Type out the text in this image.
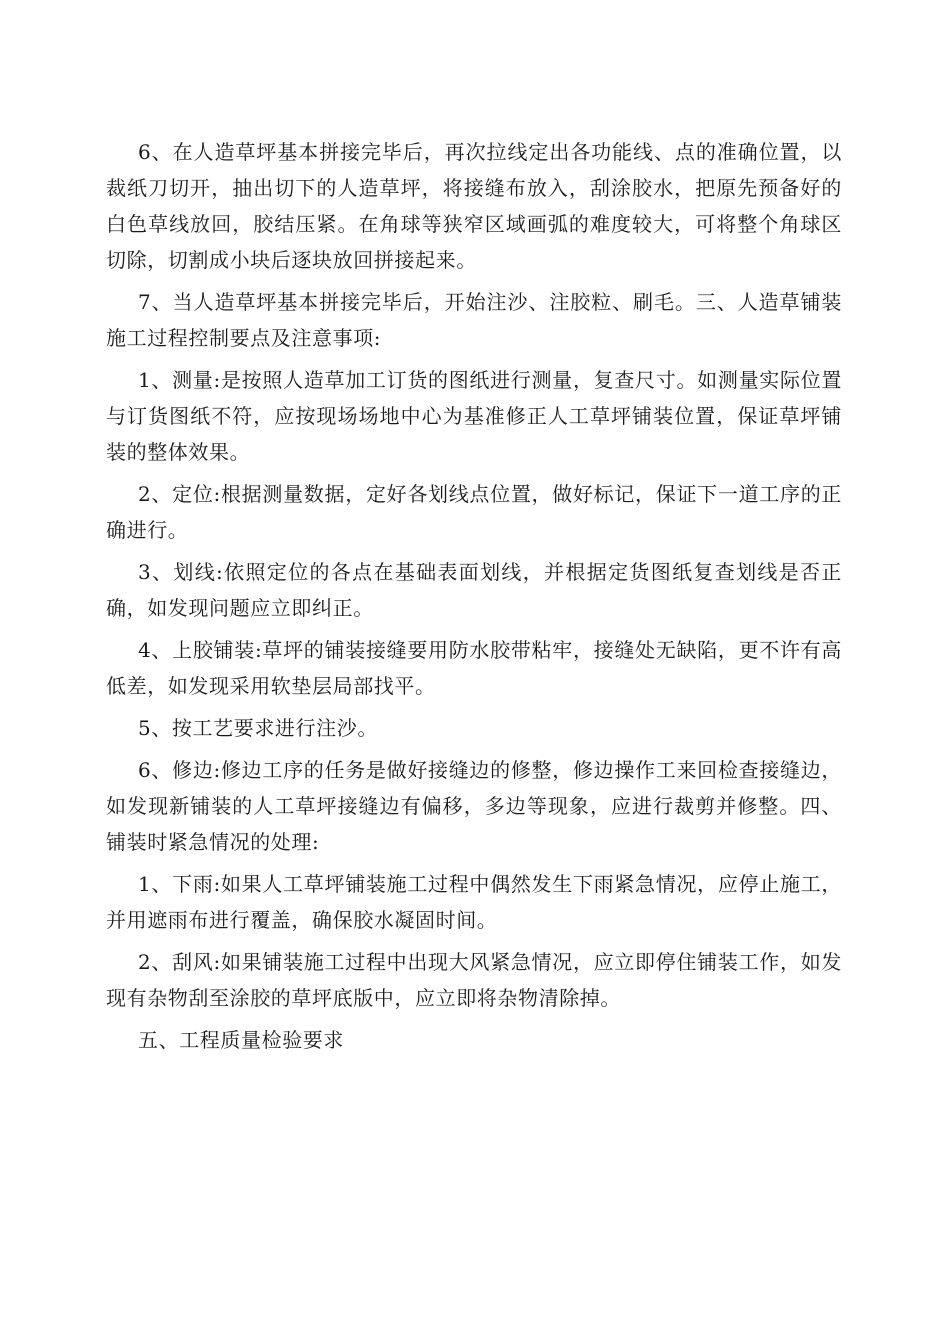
6、在人造草坪基本拼接完毕后，再次拉线定出各功能线、点的准确位置，以裁纸刀切开，抽出切下的人造草坪，将接缝布放入，刮涂胶水，把原先预备好的白色草线放回，胶结压紧。在角球等狭窄区域画弧的难度较大，可将整个角球区切除，切割成小块后逐块放回拼接起来。

7、当人造草坪基本拼接完毕后，开始注沙、注胶粒、刷毛。三、人造草铺装施工过程控制要点及注意事项:

1、测量:是按照人造草加工订货的图纸进行测量，复查尺寸。如测量实际位置与订货图纸不符，应按现场场地中心为基准修正人工草坪铺装位置，保证草坪铺装的整体效果。

2、定位:根据测量数据，定好各划线点位置，做好标记，保证下一道工序的正确进行。

3、划线:依照定位的各点在基础表面划线，并根据定货图纸复查划线是否正确，如发现问题应立即纠正。

4、上胶铺装:草坪的铺装接缝要用防水胶带粘牢，接缝处无缺陷，更不许有高低差，如发现采用软垫层局部找平。

5、按工艺要求进行注沙。

6、修边:修边工序的任务是做好接缝边的修整，修边操作工来回检查接缝边，如发现新铺装的人工草坪接缝边有偏移，多边等现象，应进行裁剪并修整。四、铺装时紧急情况的处理:

1、下雨:如果人工草坪铺装施工过程中偶然发生下雨紧急情况，应停止施工，并用遮雨布进行覆盖，确保胶水凝固时间。

2、刮风:如果铺装施工过程中出现大风紧急情况，应立即停住铺装工作，如发现有杂物刮至涂胶的草坪底版中，应立即将杂物清除掉。

五、工程质量检验要求
